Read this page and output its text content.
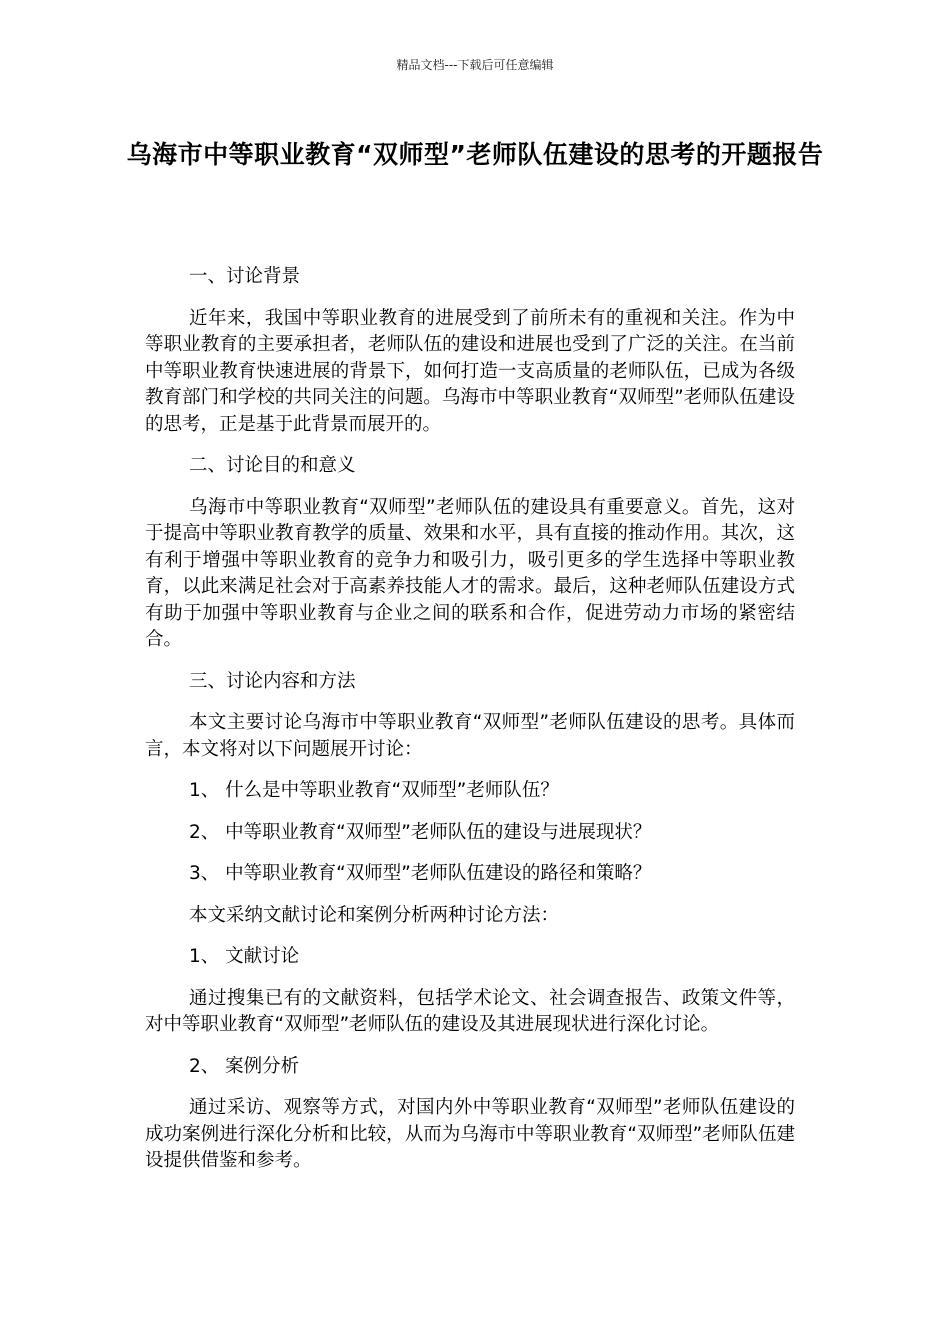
精品文档---下载后可任意编辑
乌海市中等职业教育“双师型”老师队伍建设的思考的开题报告

一、讨论背景

近年来，我国中等职业教育的进展受到了前所未有的重视和关注。作为中等职业教育的主要承担者，老师队伍的建设和进展也受到了广泛的关注。在当前中等职业教育快速进展的背景下，如何打造一支高质量的老师队伍，已成为各级教育部门和学校的共同关注的问题。乌海市中等职业教育“双师型”老师队伍建设的思考，正是基于此背景而展开的。

二、讨论目的和意义

乌海市中等职业教育“双师型”老师队伍的建设具有重要意义。首先，这对于提高中等职业教育教学的质量、效果和水平，具有直接的推动作用。其次，这有利于增强中等职业教育的竞争力和吸引力，吸引更多的学生选择中等职业教育，以此来满足社会对于高素养技能人才的需求。最后，这种老师队伍建设方式有助于加强中等职业教育与企业之间的联系和合作，促进劳动力市场的紧密结合。

三、讨论内容和方法

本文主要讨论乌海市中等职业教育“双师型”老师队伍建设的思考。具体而言，本文将对以下问题展开讨论：

1、 什么是中等职业教育“双师型”老师队伍？

2、 中等职业教育“双师型”老师队伍的建设与进展现状？

3、 中等职业教育“双师型”老师队伍建设的路径和策略？

本文采纳文献讨论和案例分析两种讨论方法：

1、 文献讨论

通过搜集已有的文献资料，包括学术论文、社会调查报告、政策文件等，对中等职业教育“双师型”老师队伍的建设及其进展现状进行深化讨论。

2、 案例分析

通过采访、观察等方式，对国内外中等职业教育“双师型”老师队伍建设的成功案例进行深化分析和比较，从而为乌海市中等职业教育“双师型”老师队伍建设提供借鉴和参考。
